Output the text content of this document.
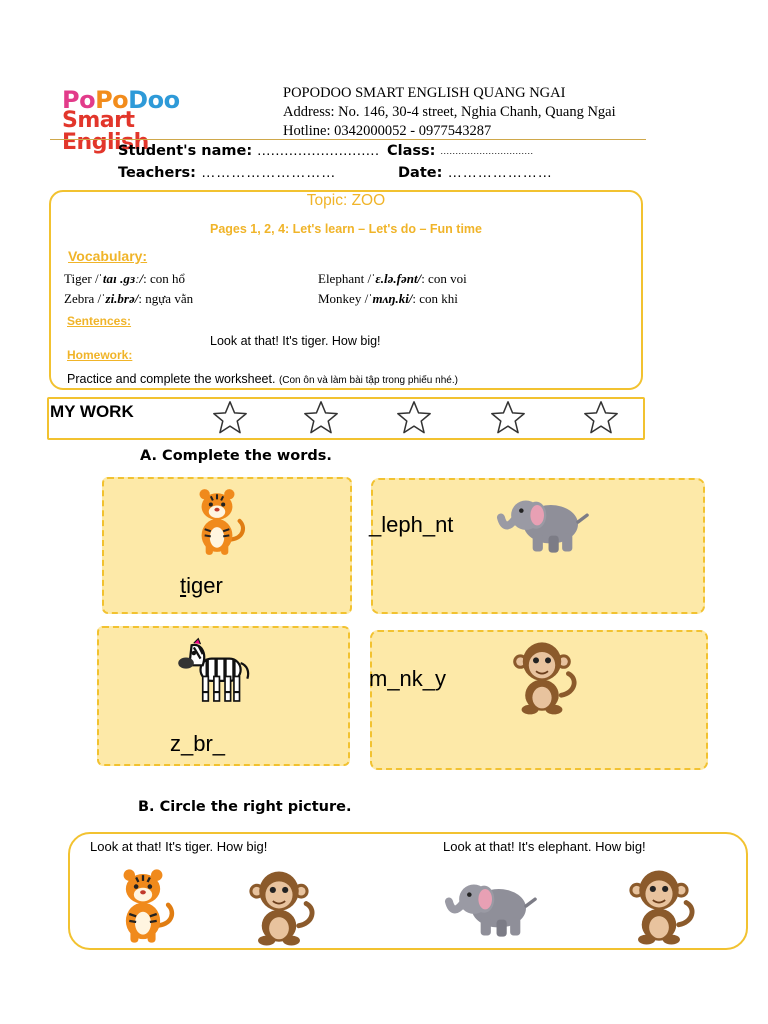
PoPoDoo
Smart English
POPODOO SMART ENGLISH QUANG NGAI
Address: No. 146, 30-4 street, Nghia Chanh, Quang Ngai
Hotline: 0342000052 - 0977543287
Student's name: ........................... Class: ...............................
Teachers: ………………………	Date: …………………
Topic: ZOO
Pages 1, 2, 4: Let's learn – Let's do – Fun time
Vocabulary:
Tiger /ˈtaɪ .ɡɜː/: con hổ
Zebra /ˈzi.brə/: ngựa vằn
Elephant /ˈɛ.lə.fənt/: con voi
Monkey /ˈmʌŋ.ki/: con khỉ
Sentences:
Look at that! It's tiger. How big!
Homework:
Practice and complete the worksheet. (Con ôn và làm bài tập trong phiếu nhé.)
MY WORK
A. Complete the words.
tiger
_leph_nt
z_br_
m_nk_y
B. Circle the right picture.
Look at that! It's tiger. How big!	Look at that! It's elephant. How big!
